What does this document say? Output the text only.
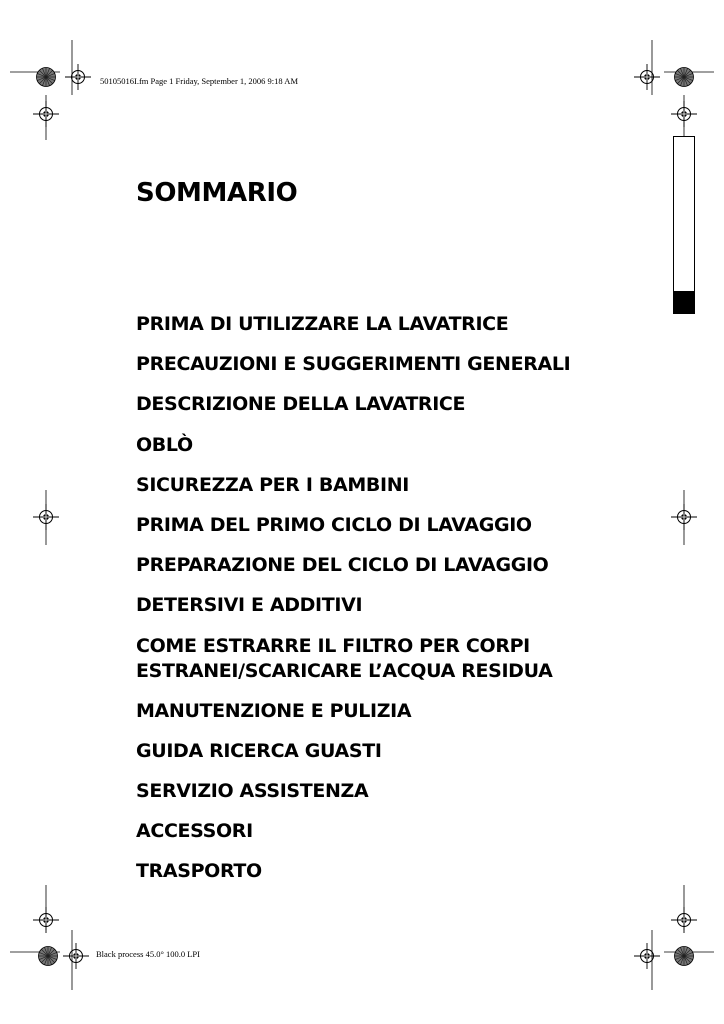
50105016I.fm Page 1 Friday, September 1, 2006 9:18 AM
Black process 45.0° 100.0 LPI
SOMMARIO
PRIMA DI UTILIZZARE LA LAVATRICE
PRECAUZIONI E SUGGERIMENTI GENERALI
DESCRIZIONE DELLA LAVATRICE
OBLÒ
SICUREZZA PER I BAMBINI
PRIMA DEL PRIMO CICLO DI LAVAGGIO
PREPARAZIONE DEL CICLO DI LAVAGGIO
DETERSIVI E ADDITIVI
COME ESTRARRE IL FILTRO PER CORPI
ESTRANEI/SCARICARE L’ACQUA RESIDUA
MANUTENZIONE E PULIZIA
GUIDA RICERCA GUASTI
SERVIZIO ASSISTENZA
ACCESSORI
TRASPORTO
